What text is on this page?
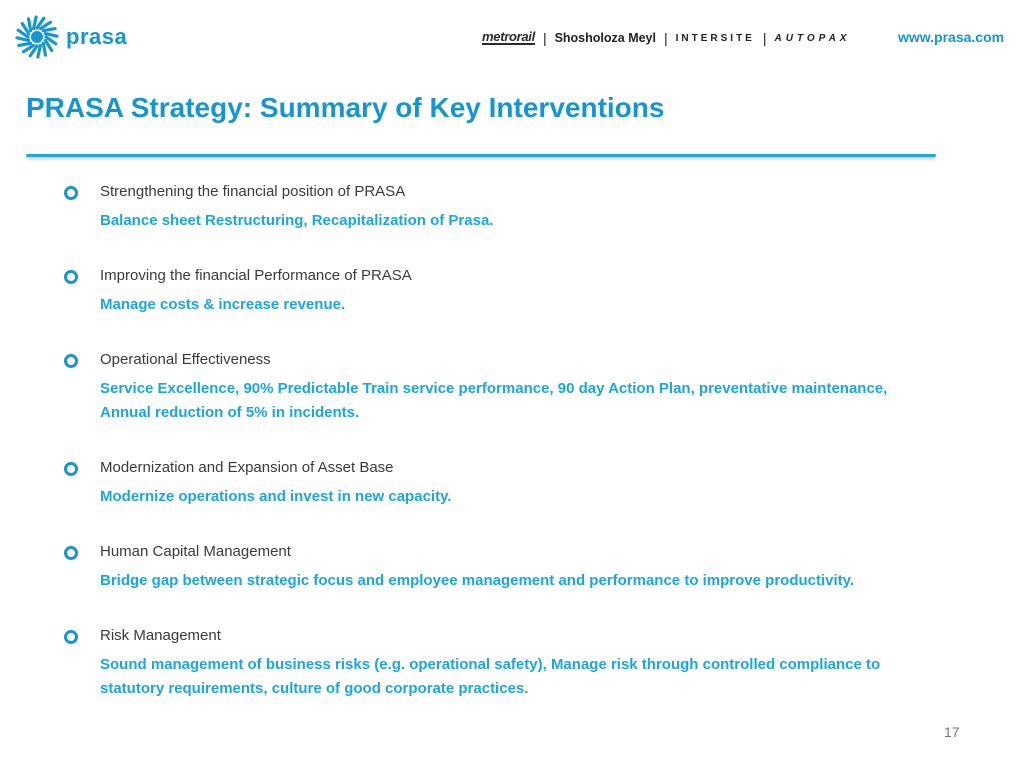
prasa	metrorail | Shosholoza Meyl | INTERSITE | AUTOPAX	www.prasa.com
PRASA Strategy: Summary of Key Interventions
Strengthening the financial position of PRASA
Balance sheet Restructuring, Recapitalization of Prasa.
Improving the financial Performance of PRASA
Manage costs & increase revenue.
Operational Effectiveness
Service Excellence, 90% Predictable Train service performance, 90 day Action Plan, preventative maintenance, Annual reduction of 5% in incidents.
Modernization and Expansion of Asset Base
Modernize operations and invest in new capacity.
Human Capital Management
Bridge gap between strategic focus and employee management and performance to improve productivity.
Risk Management
Sound management of business risks (e.g. operational safety), Manage risk through controlled compliance to statutory requirements, culture of good corporate practices.
17
